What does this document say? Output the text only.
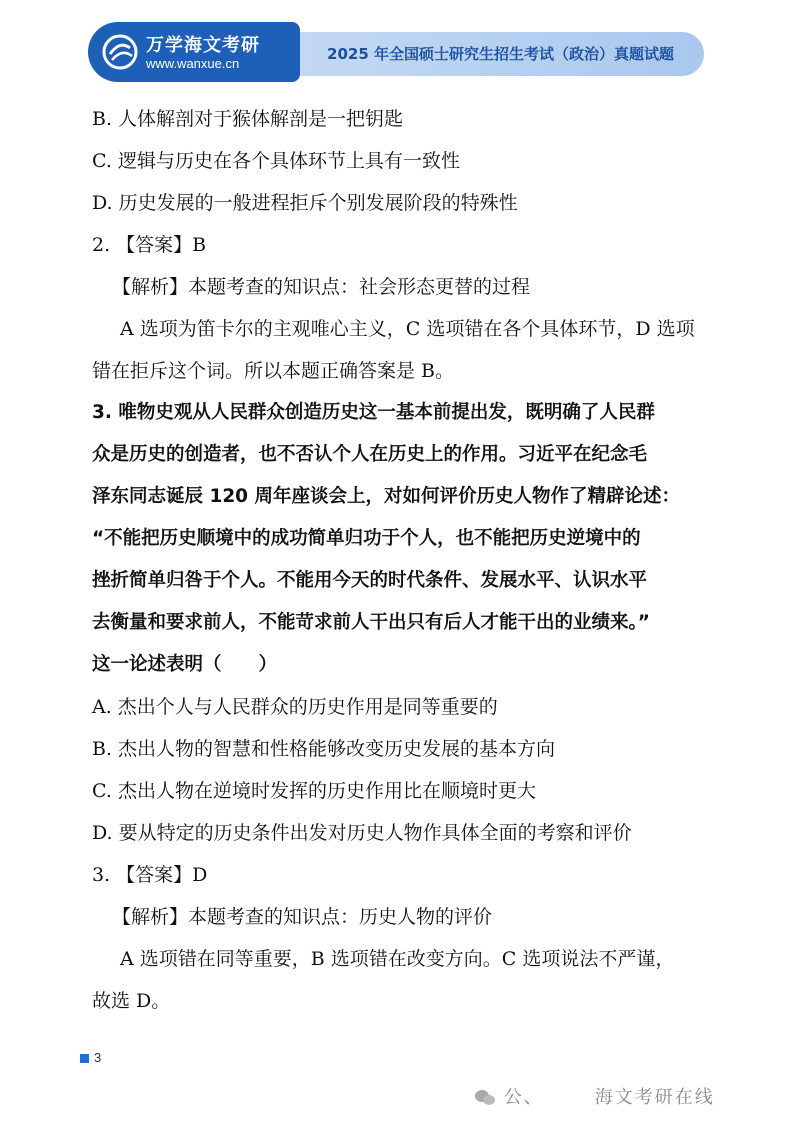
万学海文考研
www.wanxue.cn
2025 年全国硕士研究生招生考试（政治）真题试题
B. 人体解剖对于猴体解剖是一把钥匙
C. 逻辑与历史在各个具体环节上具有一致性
D. 历史发展的一般进程拒斥个别发展阶段的特殊性
2. 【答案】B
【解析】本题考查的知识点：社会形态更替的过程
A 选项为笛卡尔的主观唯心主义，C 选项错在各个具体环节，D 选项
错在拒斥这个词。所以本题正确答案是 B。
3. 唯物史观从人民群众创造历史这一基本前提出发，既明确了人民群
众是历史的创造者，也不否认个人在历史上的作用。习近平在纪念毛
泽东同志诞辰 120 周年座谈会上，对如何评价历史人物作了精辟论述：
“不能把历史顺境中的成功简单归功于个人，也不能把历史逆境中的
挫折简单归咎于个人。不能用今天的时代条件、发展水平、认识水平
去衡量和要求前人，不能苛求前人干出只有后人才能干出的业绩来。”
这一论述表明（　　）
A. 杰出个人与人民群众的历史作用是同等重要的
B. 杰出人物的智慧和性格能够改变历史发展的基本方向
C. 杰出人物在逆境时发挥的历史作用比在顺境时更大
D. 要从特定的历史条件出发对历史人物作具体全面的考察和评价
3. 【答案】D
【解析】本题考查的知识点：历史人物的评价
A 选项错在同等重要，B 选项错在改变方向。C 选项说法不严谨，
故选 D。
3
公、　　　海文考研在线
